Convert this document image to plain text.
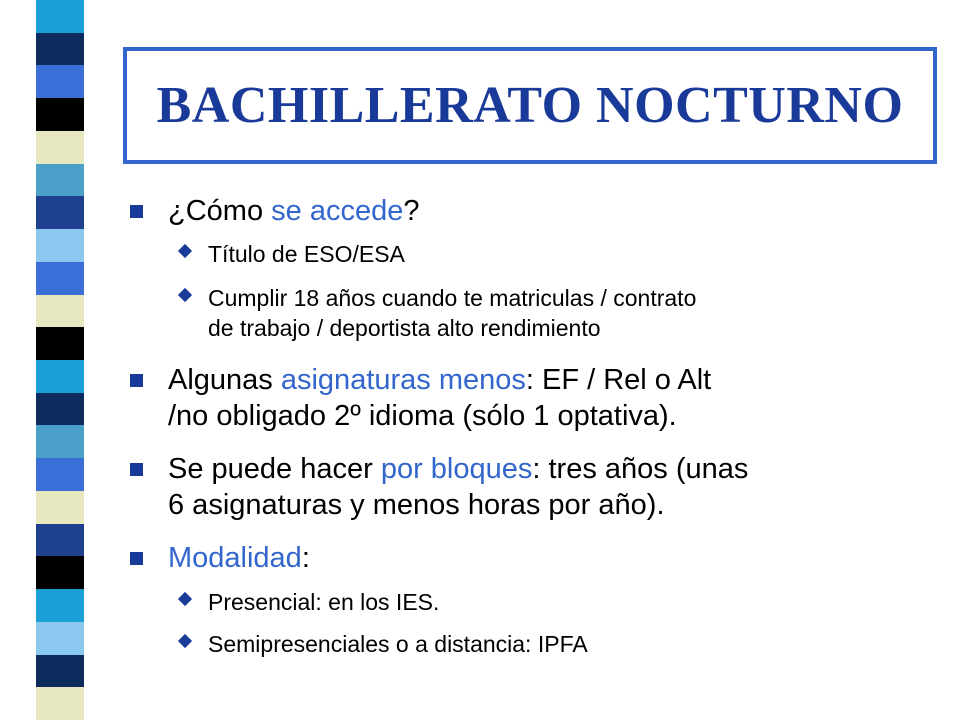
BACHILLERATO NOCTURNO
¿Cómo se accede?
Título de ESO/ESA
Cumplir 18 años cuando te matriculas / contrato
de trabajo / deportista alto rendimiento
Algunas asignaturas menos: EF / Rel o Alt
/no obligado 2º idioma (sólo 1 optativa).
Se puede hacer por bloques: tres años (unas
6 asignaturas y menos horas por año).
Modalidad:
Presencial: en los IES.
Semipresenciales o a distancia: IPFA
